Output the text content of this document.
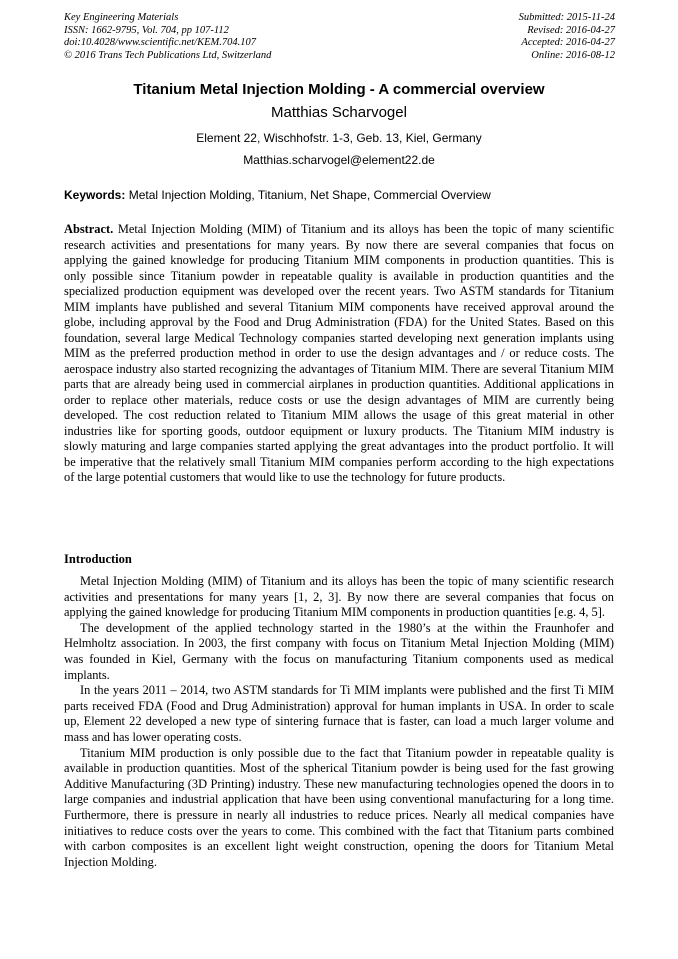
Key Engineering Materials
ISSN: 1662-9795, Vol. 704, pp 107-112
doi:10.4028/www.scientific.net/KEM.704.107
© 2016 Trans Tech Publications Ltd, Switzerland
Submitted: 2015-11-24
Revised: 2016-04-27
Accepted: 2016-04-27
Online: 2016-08-12
Titanium Metal Injection Molding - A commercial overview
Matthias Scharvogel
Element 22, Wischhofstr. 1-3, Geb. 13, Kiel, Germany
Matthias.scharvogel@element22.de
Keywords: Metal Injection Molding, Titanium, Net Shape, Commercial Overview
Abstract. Metal Injection Molding (MIM) of Titanium and its alloys has been the topic of many scientific research activities and presentations for many years. By now there are several companies that focus on applying the gained knowledge for producing Titanium MIM components in production quantities. This is only possible since Titanium powder in repeatable quality is available in production quantities and the specialized production equipment was developed over the recent years. Two ASTM standards for Titanium MIM implants have published and several Titanium MIM components have received approval around the globe, including approval by the Food and Drug Administration (FDA) for the United States. Based on this foundation, several large Medical Technology companies started developing next generation implants using MIM as the preferred production method in order to use the design advantages and / or reduce costs. The aerospace industry also started recognizing the advantages of Titanium MIM. There are several Titanium MIM parts that are already being used in commercial airplanes in production quantities. Additional applications in order to replace other materials, reduce costs or use the design advantages of MIM are currently being developed. The cost reduction related to Titanium MIM allows the usage of this great material in other industries like for sporting goods, outdoor equipment or luxury products. The Titanium MIM industry is slowly maturing and large companies started applying the great advantages into the product portfolio. It will be imperative that the relatively small Titanium MIM companies perform according to the high expectations of the large potential customers that would like to use the technology for future products.
Introduction

Metal Injection Molding (MIM) of Titanium and its alloys has been the topic of many scientific research activities and presentations for many years [1, 2, 3]. By now there are several companies that focus on applying the gained knowledge for producing Titanium MIM components in production quantities [e.g. 4, 5].

The development of the applied technology started in the 1980’s at the within the Fraunhofer and Helmholtz association. In 2003, the first company with focus on Titanium Metal Injection Molding (MIM) was founded in Kiel, Germany with the focus on manufacturing Titanium components used as medical implants.

In the years 2011 – 2014, two ASTM standards for Ti MIM implants were published and the first Ti MIM parts received FDA (Food and Drug Administration) approval for human implants in USA. In order to scale up, Element 22 developed a new type of sintering furnace that is faster, can load a much larger volume and mass and has lower operating costs.

Titanium MIM production is only possible due to the fact that Titanium powder in repeatable quality is available in production quantities. Most of the spherical Titanium powder is being used for the fast growing Additive Manufacturing (3D Printing) industry. These new manufacturing technologies opened the doors in to large companies and industrial application that have been using conventional manufacturing for a long time. Furthermore, there is pressure in nearly all industries to reduce prices. Nearly all medical companies have initiatives to reduce costs over the years to come. This combined with the fact that Titanium parts combined with carbon composites is an excellent light weight construction, opening the doors for Titanium Metal Injection Molding.
